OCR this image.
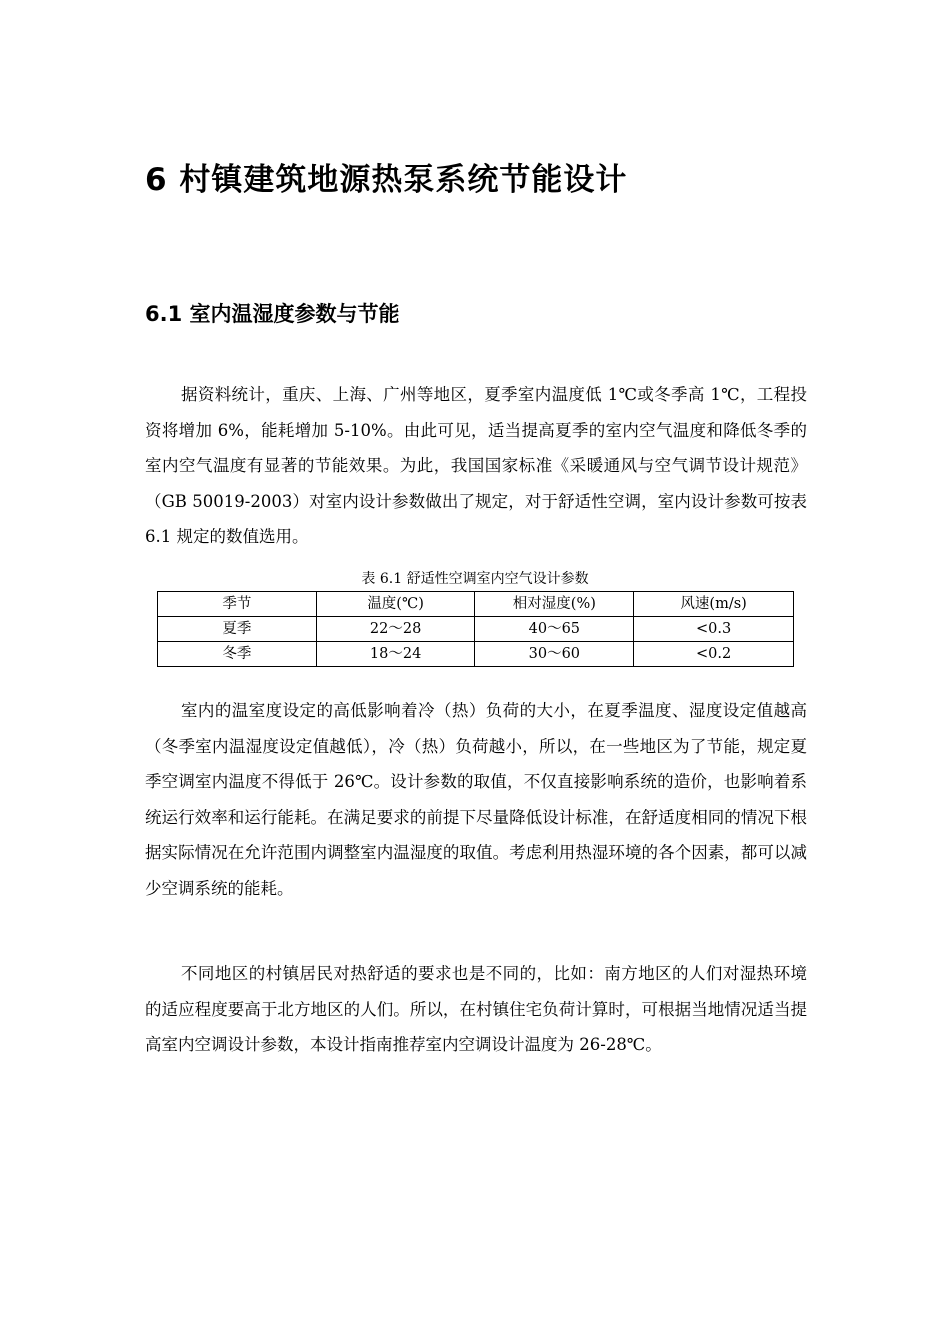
6 村镇建筑地源热泵系统节能设计
6.1 室内温湿度参数与节能

据资料统计，重庆、上海、广州等地区，夏季室内温度低 1℃或冬季高 1℃，工程投资将增加 6%，能耗增加 5-10%。由此可见，适当提高夏季的室内空气温度和降低冬季的室内空气温度有显著的节能效果。为此，我国国家标准《采暖通风与空气调节设计规范》（GB 50019-2003）对室内设计参数做出了规定，对于舒适性空调，室内设计参数可按表 6.1 规定的数值选用。

表 6.1 舒适性空调室内空气设计参数

季节	温度(℃)	相对湿度(%)	风速(m/s)
夏季	22～28	40～65	<0.3
冬季	18～24	30～60	<0.2

室内的温室度设定的高低影响着冷（热）负荷的大小，在夏季温度、湿度设定值越高（冬季室内温湿度设定值越低），冷（热）负荷越小，所以，在一些地区为了节能，规定夏季空调室内温度不得低于 26℃。设计参数的取值，不仅直接影响系统的造价，也影响着系统运行效率和运行能耗。在满足要求的前提下尽量降低设计标准，在舒适度相同的情况下根据实际情况在允许范围内调整室内温湿度的取值。考虑利用热湿环境的各个因素，都可以减少空调系统的能耗。

不同地区的村镇居民对热舒适的要求也是不同的，比如：南方地区的人们对湿热环境的适应程度要高于北方地区的人们。所以，在村镇住宅负荷计算时，可根据当地情况适当提高室内空调设计参数，本设计指南推荐室内空调设计温度为 26-28℃。
